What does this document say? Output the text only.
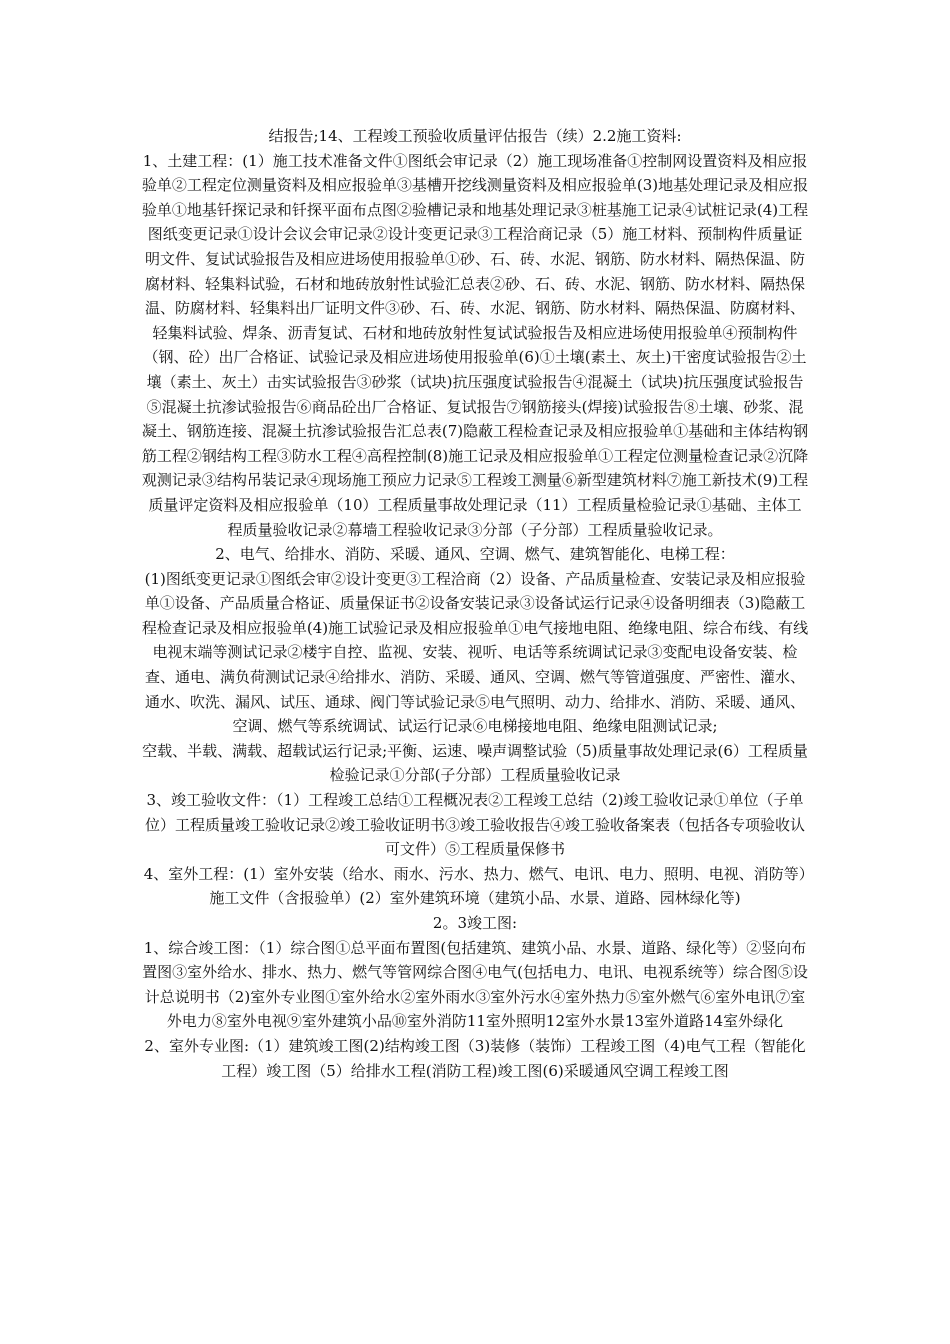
结报告;14、工程竣工预验收质量评估报告（续）2.2施工资料:

1、土建工程：(1）施工技术准备文件①图纸会审记录（2）施工现场准备①控制网设置资料及相应报验单②工程定位测量资料及相应报验单③基槽开挖线测量资料及相应报验单(3)地基处理记录及相应报验单①地基钎探记录和钎探平面布点图②验槽记录和地基处理记录③桩基施工记录④试桩记录(4)工程图纸变更记录①设计会议会审记录②设计变更记录③工程洽商记录（5）施工材料、预制构件质量证明文件、复试试验报告及相应进场使用报验单①砂、石、砖、水泥、钢筋、防水材料、隔热保温、防腐材料、轻集料试验，石材和地砖放射性试验汇总表②砂、石、砖、水泥、钢筋、防水材料、隔热保温、防腐材料、轻集料出厂证明文件③砂、石、砖、水泥、钢筋、防水材料、隔热保温、防腐材料、轻集料试验、焊条、沥青复试、石材和地砖放射性复试试验报告及相应进场使用报验单④预制构件（钢、砼）出厂合格证、试验记录及相应进场使用报验单(6)①土壤(素土、灰土)干密度试验报告②土壤（素土、灰土）击实试验报告③砂浆（试块)抗压强度试验报告④混凝土（试块)抗压强度试验报告⑤混凝土抗渗试验报告⑥商品砼出厂合格证、复试报告⑦钢筋接头(焊接)试验报告⑧土壤、砂浆、混凝土、钢筋连接、混凝土抗渗试验报告汇总表(7)隐蔽工程检查记录及相应报验单①基础和主体结构钢筋工程②钢结构工程③防水工程④高程控制(8)施工记录及相应报验单①工程定位测量检查记录②沉降观测记录③结构吊装记录④现场施工预应力记录⑤工程竣工测量⑥新型建筑材料⑦施工新技术(9)工程质量评定资料及相应报验单（10）工程质量事故处理记录（11）工程质量检验记录①基础、主体工程质量验收记录②幕墙工程验收记录③分部（子分部）工程质量验收记录。

2、电气、给排水、消防、采暖、通风、空调、燃气、建筑智能化、电梯工程：

(1)图纸变更记录①图纸会审②设计变更③工程洽商（2）设备、产品质量检查、安装记录及相应报验单①设备、产品质量合格证、质量保证书②设备安装记录③设备试运行记录④设备明细表（3)隐蔽工程检查记录及相应报验单(4)施工试验记录及相应报验单①电气接地电阻、绝缘电阻、综合布线、有线电视末端等测试记录②楼宇自控、监视、安装、视听、电话等系统调试记录③变配电设备安装、检查、通电、满负荷测试记录④给排水、消防、采暖、通风、空调、燃气等管道强度、严密性、灌水、通水、吹洗、漏风、试压、通球、阀门等试验记录⑤电气照明、动力、给排水、消防、采暖、通风、空调、燃气等系统调试、试运行记录⑥电梯接地电阻、绝缘电阻测试记录;

空载、半载、满载、超载试运行记录;平衡、运速、噪声调整试验（5)质量事故处理记录(6）工程质量检验记录①分部(子分部）工程质量验收记录

3、竣工验收文件：（1）工程竣工总结①工程概况表②工程竣工总结（2)竣工验收记录①单位（子单位）工程质量竣工验收记录②竣工验收证明书③竣工验收报告④竣工验收备案表（包括各专项验收认可文件）⑤工程质量保修书

4、室外工程：(1）室外安装（给水、雨水、污水、热力、燃气、电讯、电力、照明、电视、消防等）施工文件（含报验单）(2）室外建筑环境（建筑小品、水景、道路、园林绿化等)

2。3竣工图:

1、综合竣工图：（1）综合图①总平面布置图(包括建筑、建筑小品、水景、道路、绿化等）②竖向布置图③室外给水、排水、热力、燃气等管网综合图④电气(包括电力、电讯、电视系统等）综合图⑤设计总说明书（2)室外专业图①室外给水②室外雨水③室外污水④室外热力⑤室外燃气⑥室外电讯⑦室外电力⑧室外电视⑨室外建筑小品⑩室外消防11室外照明12室外水景13室外道路14室外绿化

2、室外专业图:（1）建筑竣工图(2)结构竣工图（3)装修（装饰）工程竣工图（4)电气工程（智能化工程）竣工图（5）给排水工程(消防工程)竣工图(6)采暖通风空调工程竣工图
